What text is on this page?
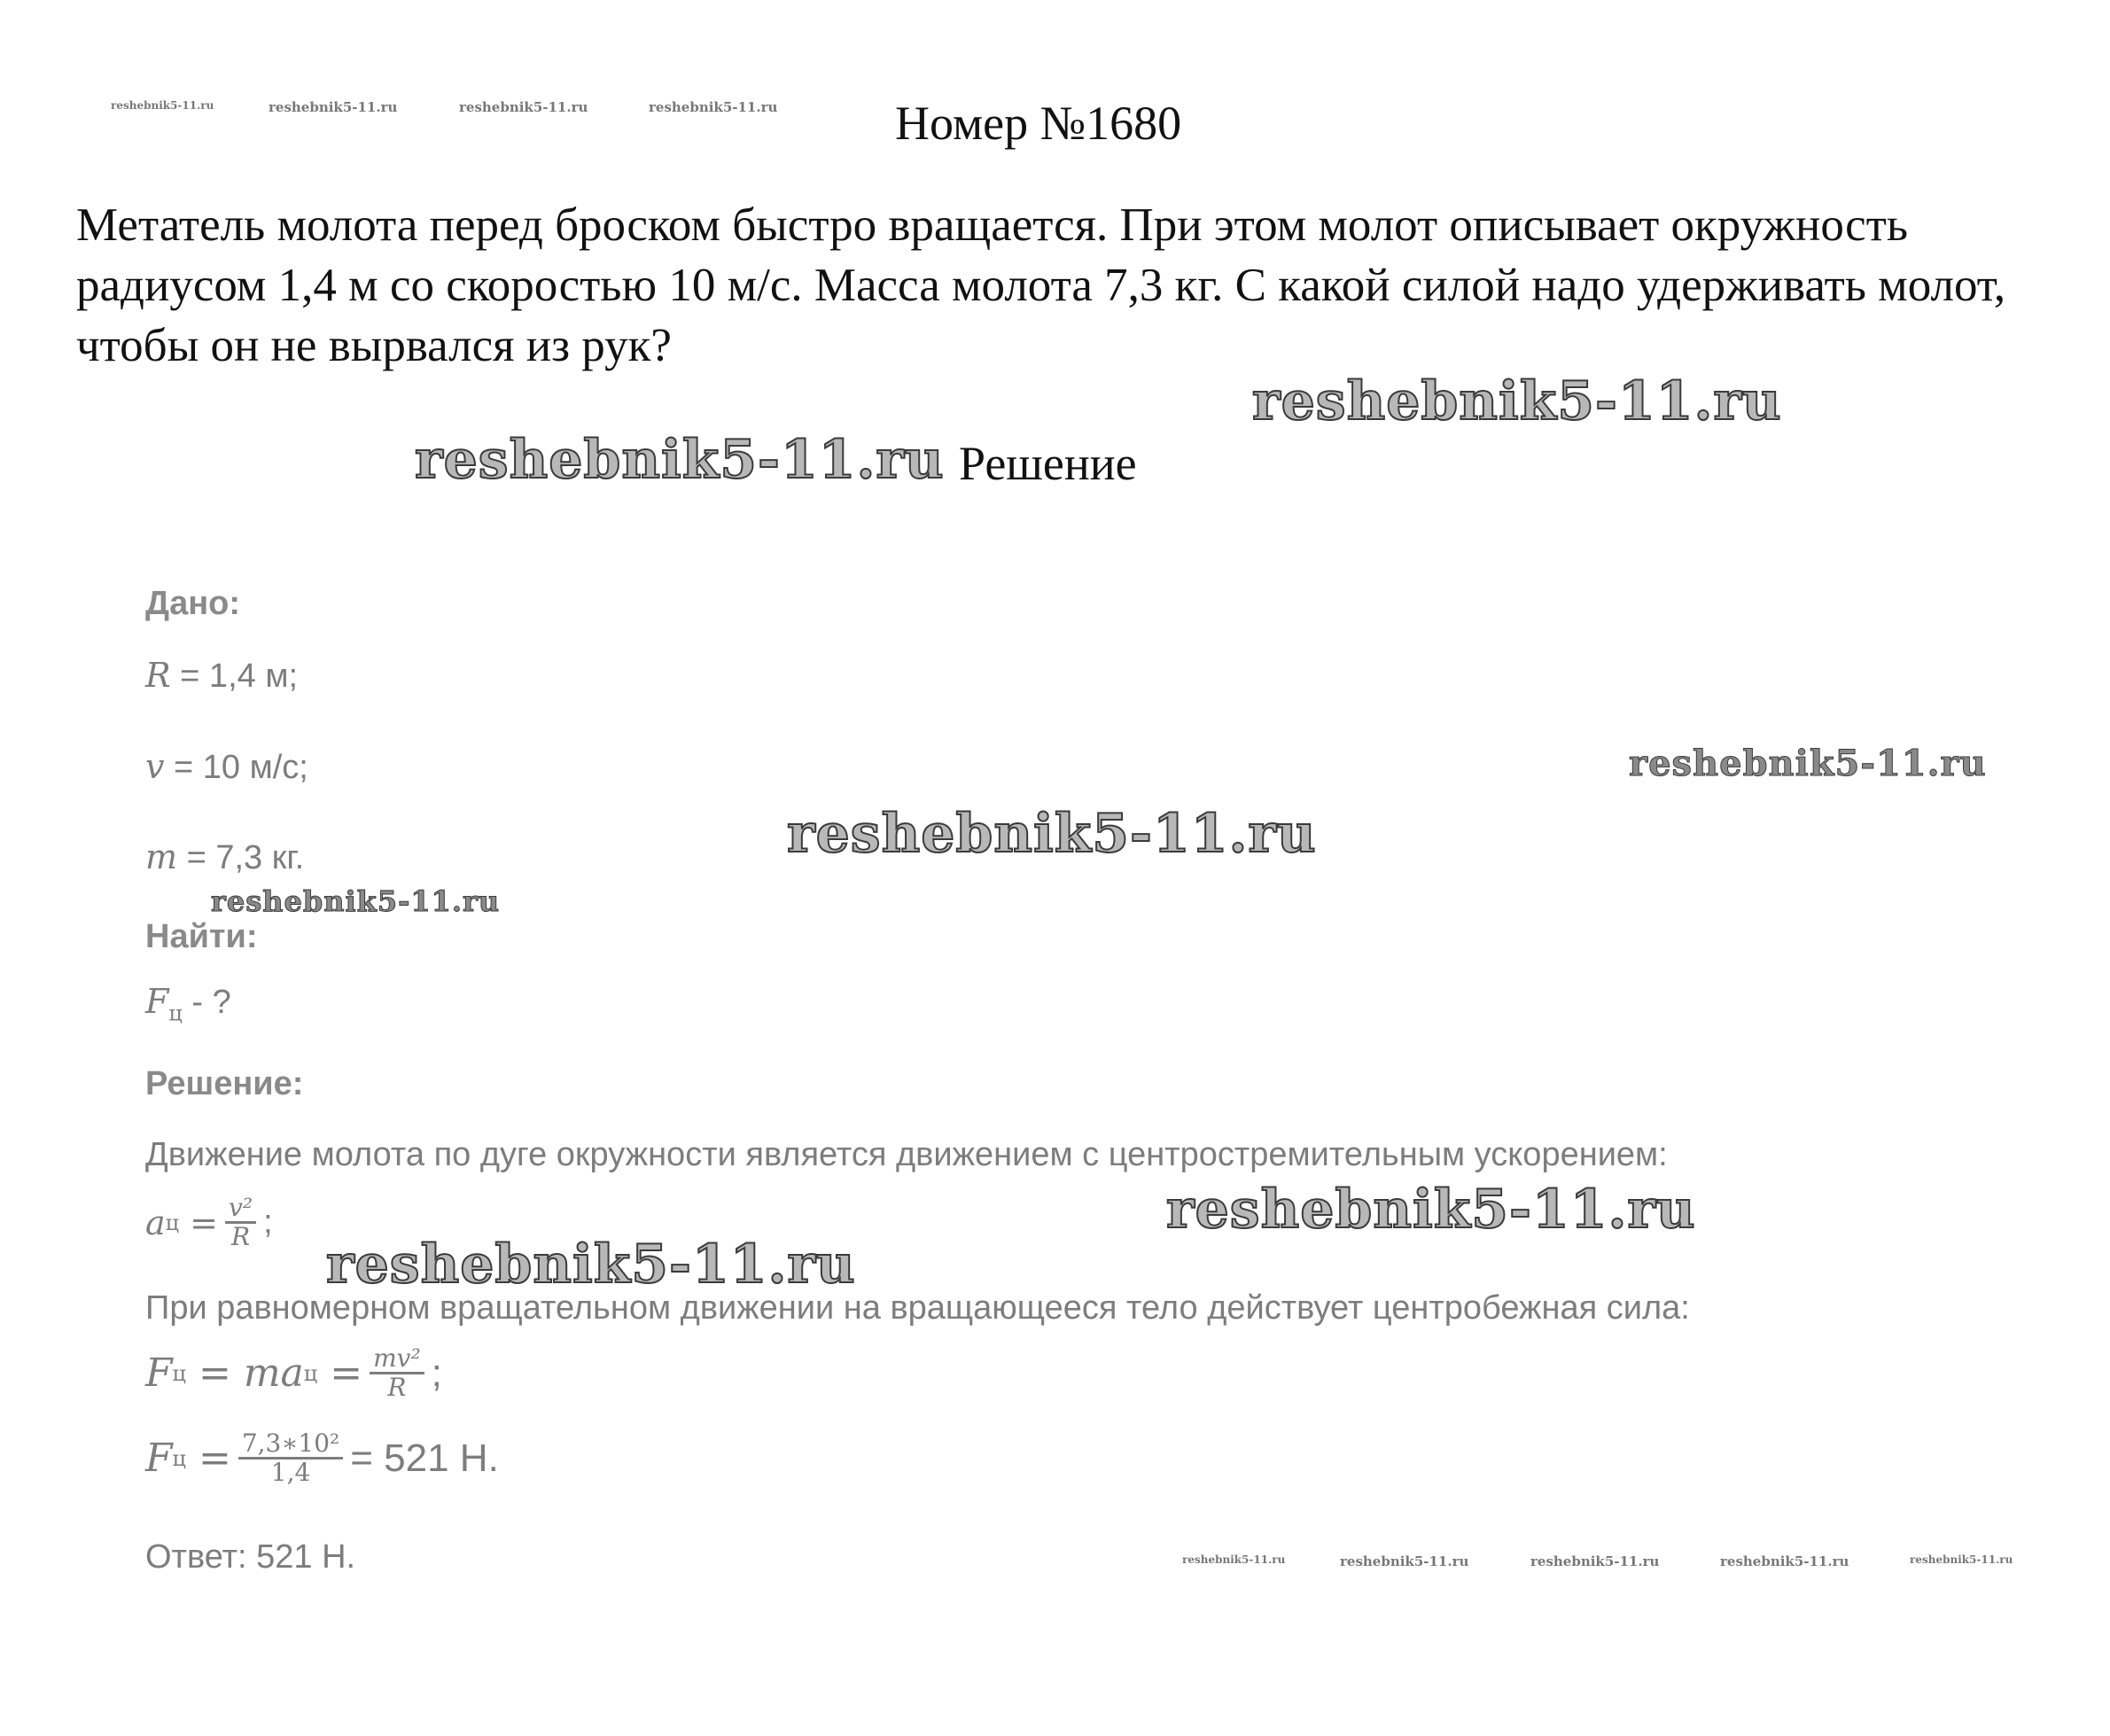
Номер №1680
Метатель молота перед броском быстро вращается. При этом молот описывает окружность радиусом 1,4 м со скоростью 10 м/с. Масса молота 7,3 кг. С какой силой надо удерживать молот, чтобы он не вырвался из рук?
Решение
Дано:
R = 1,4 м;
v = 10 м/с;
m = 7,3 кг.
Найти:
$F_ц$ - ?
Решение:
Движение молота по дуге окружности является движением с центростремительным ускорением:
a $ц = \frac{\text{v²}}{R}$ ;
При равномерном вращательном движении на вращающееся тело действует центробежная сила:
F ц = ma $ц = \frac{\text{mv²}}{R}$ ;
F $ц = \frac{\text{7,3∗10²}}{1,4} = 521$ Н.
Ответ: 521 Н.
reshebnik5-11.ru	reshebnik5-11.ru	reshebnik5-11.ru	reshebnik5-11.ru
reshebnik5-11.ru
reshebnik5-11.ru
reshebnik5-11.ru
reshebnik5-11.ru
reshebnik5-11.ru
reshebnik5-11.ru
reshebnik5-11.ru
reshebnik5-11.ru	reshebnik5-11.ru	reshebnik5-11.ru	reshebnik5-11.ru	reshebnik5-11.ru
